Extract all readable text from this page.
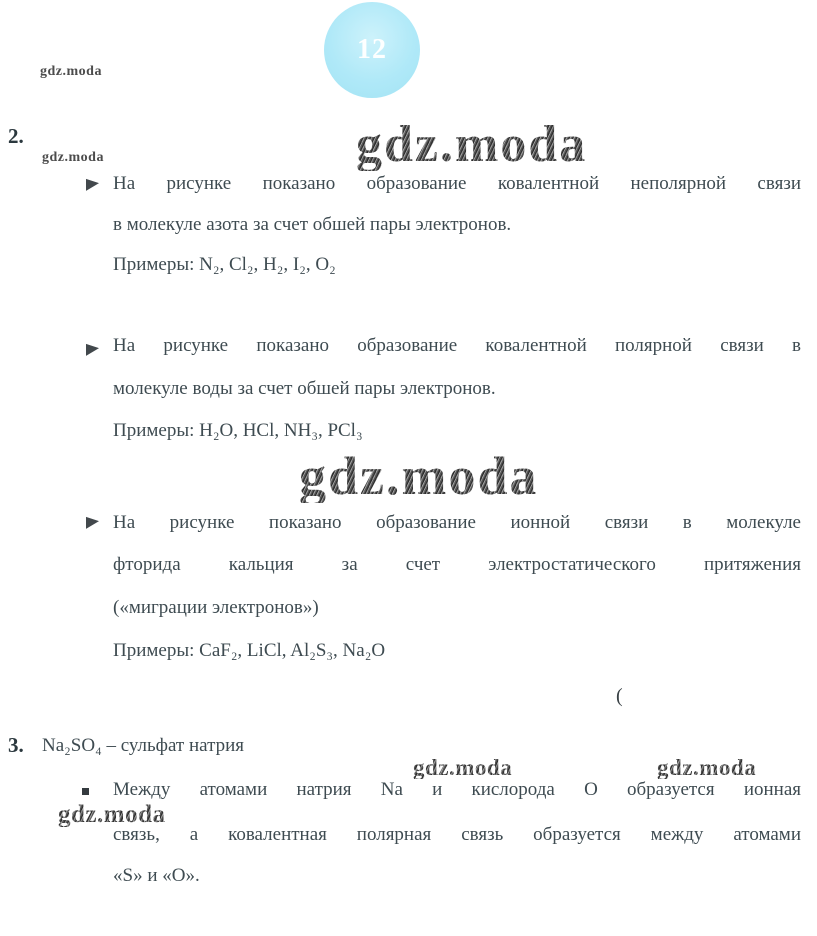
12
gdz.moda
gdz.moda
gdz.moda
gdz.moda
gdz.moda	gdz.moda
gdz.moda
2.
На рисунке показано образование ковалентной неполярной связи
в молекуле азота за счет обшей пары электронов.
Примеры: N₂, Cl₂, H₂, I₂, O₂
На рисунке показано образование ковалентной полярной связи в
молекуле воды за счет обшей пары электронов.
Примеры: H₂O, HCl, NH₃, PCl₃
На рисунке показано образование ионной связи в молекуле
фторида кальция за счет электростатического притяжения
(«миграции электронов»)
Примеры: CaF₂, LiCl, Al₂S₃, Na₂O
(
3. Na₂SO₄ – сульфат натрия
Между атомами натрия Na и кислорода О образуется ионная
связь, а ковалентная полярная связь образуется между атомами
«S» и «O».
